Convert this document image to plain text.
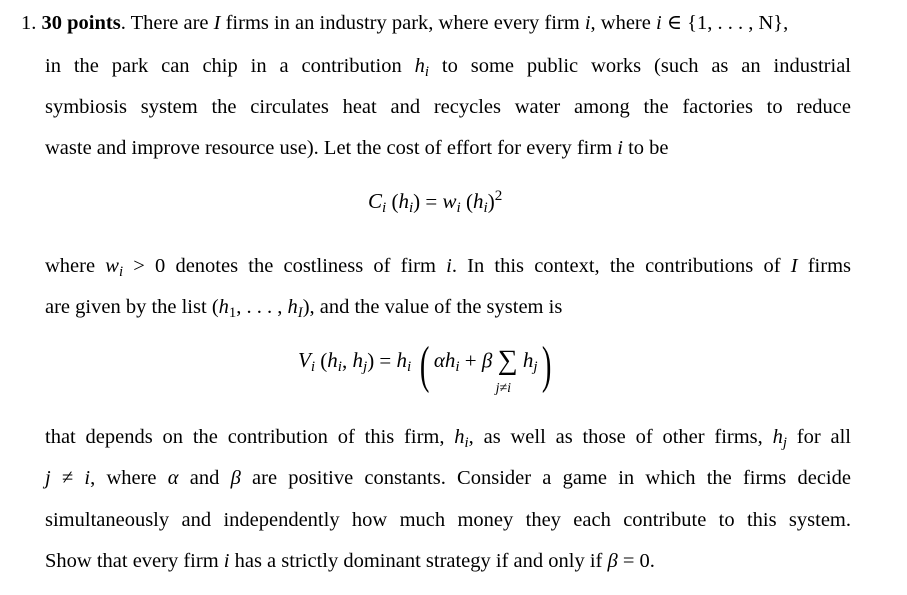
1. 30 points. There are I firms in an industry park, where every firm i, where i ∈ {1, . . . , N},
in the park can chip in a contribution $h_i$ to some public works (such as an industrial
symbiosis system the circulates heat and recycles water among the factories to reduce
waste and improve resource use). Let the cost of effort for every firm i to be
$C_i$ $(h_i) = w_i$ $(h_i)^2$
where $w_i > 0$ denotes the costliness of firm i. In this context, the contributions of I firms
are given by the list ($h_1$, . . . , $h_I$), and the value of the system is
$V_i$ ($h_i$, $h_j) = h_i$ ( $\alpha h_i + \beta$ ∑
j≠i
$h_j$)
that depends on the contribution of this firm, $h_i$, as well as those of other firms, $h_j$ for all
j ≠ i, where α and β are positive constants. Consider a game in which the firms decide
simultaneously and independently how much money they each contribute to this system.
Show that every firm i has a strictly dominant strategy if and only if β = 0.
